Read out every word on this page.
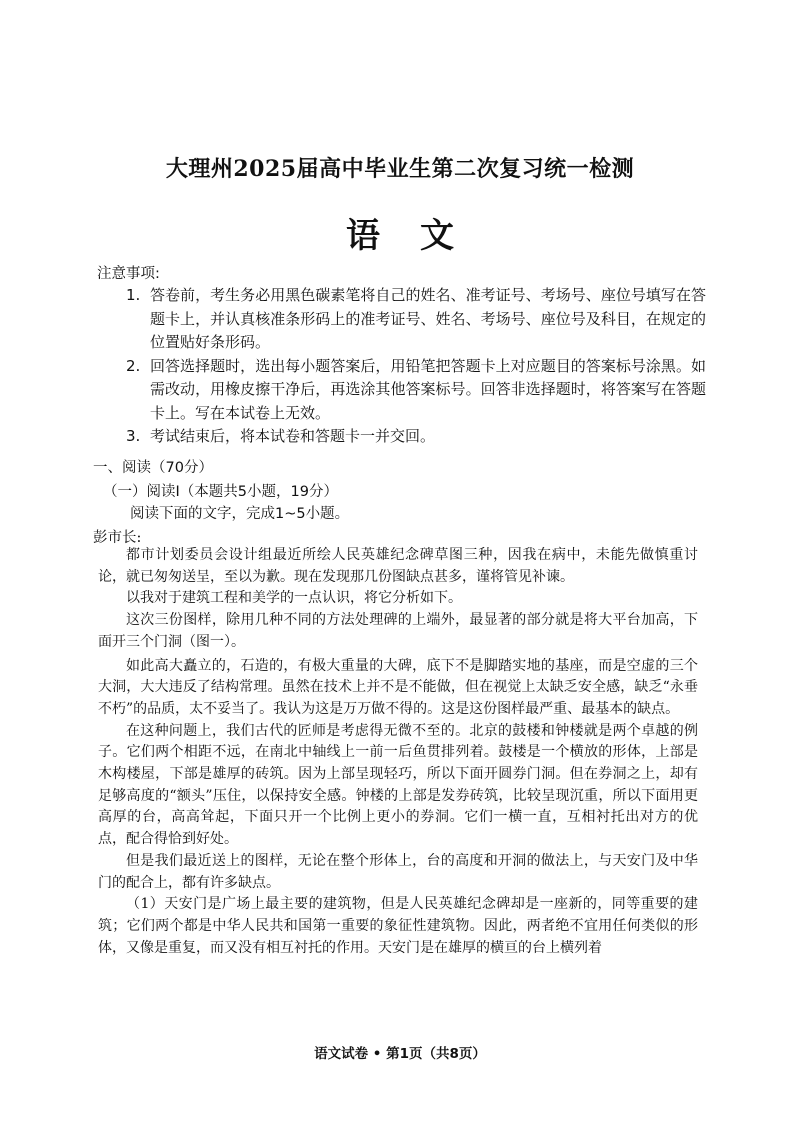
大理州2025届高中毕业生第二次复习统一检测
语文
注意事项:
1. 答卷前，考生务必用黑色碳素笔将自己的姓名、准考证号、考场号、座位号填写在答题卡上，并认真核准条形码上的准考证号、姓名、考场号、座位号及科目，在规定的位置贴好条形码。
2. 回答选择题时，选出每小题答案后，用铅笔把答题卡上对应题目的答案标号涂黑。如需改动，用橡皮擦干净后，再选涂其他答案标号。回答非选择题时，将答案写在答题卡上。写在本试卷上无效。
3. 考试结束后，将本试卷和答题卡一并交回。
一、阅读（70分）
（一）阅读Ⅰ（本题共5小题，19分）
阅读下面的文字，完成1~5小题。
彭市长:

都市计划委员会设计组最近所绘人民英雄纪念碑草图三种，因我在病中，未能先做慎重讨论，就已匆匆送呈，至以为歉。现在发现那几份图缺点甚多，谨将管见补谏。

以我对于建筑工程和美学的一点认识，将它分析如下。

这次三份图样，除用几种不同的方法处理碑的上端外，最显著的部分就是将大平台加高，下面开三个门洞（图一）。

如此高大矗立的，石造的，有极大重量的大碑，底下不是脚踏实地的基座，而是空虚的三个大洞，大大违反了结构常理。虽然在技术上并不是不能做，但在视觉上太缺乏安全感，缺乏“永垂不朽”的品质，太不妥当了。我认为这是万万做不得的。这是这份图样最严重、最基本的缺点。

在这种问题上，我们古代的匠师是考虑得无微不至的。北京的鼓楼和钟楼就是两个卓越的例子。它们两个相距不远，在南北中轴线上一前一后鱼贯排列着。鼓楼是一个横放的形体，上部是木构楼屋，下部是雄厚的砖筑。因为上部呈现轻巧，所以下面开圆券门洞。但在券洞之上，却有足够高度的“额头”压住，以保持安全感。钟楼的上部是发券砖筑，比较呈现沉重，所以下面用更高厚的台，高高耸起，下面只开一个比例上更小的券洞。它们一横一直，互相衬托出对方的优点，配合得恰到好处。

但是我们最近送上的图样，无论在整个形体上，台的高度和开洞的做法上，与天安门及中华门的配合上，都有许多缺点。

（1）天安门是广场上最主要的建筑物，但是人民英雄纪念碑却是一座新的，同等重要的建筑；它们两个都是中华人民共和国第一重要的象征性建筑物。因此，两者绝不宜用任何类似的形体，又像是重复，而又没有相互衬托的作用。天安门是在雄厚的横亘的台上横列着

语文试卷 • 第1页（共8页）
